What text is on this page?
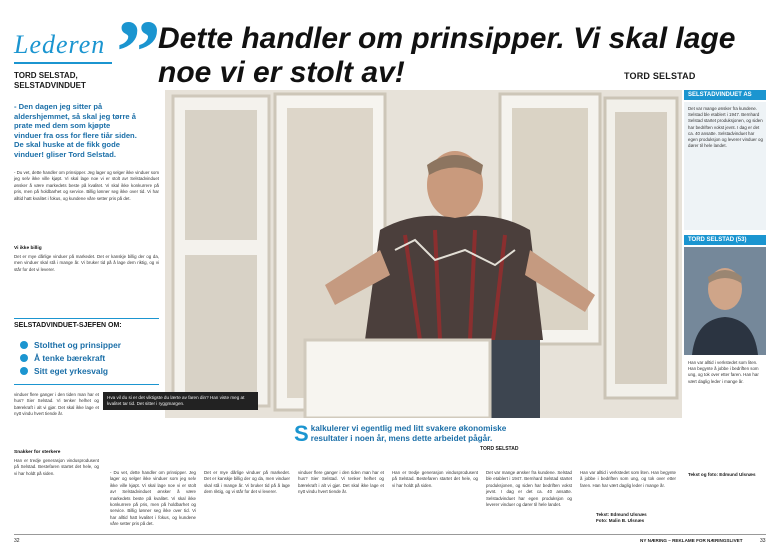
Lederen ”
Dette handler om prinsipper. Vi skal lage noe vi er stolt av!	TORD SELSTAD
TORD SELSTAD,
SELSTADVINDUET

- Den dagen jeg sitter på aldershjemmet, så skal jeg tørre å prate med dem som kjøpte vinduer fra oss for flere tiår siden. De skal huske at de fikk gode vinduer! gliser Tord Selstad.

- Du vet, dette handler om prinsipper. Jeg lager og selger ikke vinduer som jeg selv ikke ville kjøpt. Vi skal lage noe vi er stolt av! Selstadvinduet ønsker å være markedets beste på kvalitet. Vi skal ikke konkurrere på pris, men på holdbarhet og service. Billig lønner seg ikke over tid. Vi har alltid hatt kvalitet i fokus, og kundene våre setter pris på det.

Vi ikke billig

Det er mye dårlige vinduer på markedet. Det er kanskje billig der og da, men vinduer skal stå i mange år. Vi bruker tid på å lage dem riktig, og vi står for det vi leverer.

SELSTADVINDUET-SJEFEN OM:
Stolthet og prinsipper
Å tenke bærekraft
Sitt eget yrkesvalg

vinduer flere ganger i den tiden man har et hus? Sier Selstad. Vi tenker helhet og bærekraft i alt vi gjør. Det skal ikke lage et nytt vindu hvert tiende år.

Snakker for sterkere

Han er tredje generasjon vindusprodusent på Selstad. Bestefaren startet det hele, og vi har holdt på siden.

Hva vil du si er det viktigste du lærte av faren din? Han viste meg at kvalitet tar tid. Det sitter i ryggmargen.
Skalkulerer vi egentlig med litt svakere økonomiske resultater i noen år, mens dette arbeidet pågår.
TORD SELSTAD

- Du vet, dette handler om prinsipper. Jeg lager og selger ikke vinduer som jeg selv ikke ville kjøpt. Vi skal lage noe vi er stolt av! Selstadvinduet ønsker å være markedets beste på kvalitet. Vi skal ikke konkurrere på pris, men på holdbarhet og service. Billig lønner seg ikke over tid. Vi har alltid hatt kvalitet i fokus, og kundene våre setter pris på det.

Det er mye dårlige vinduer på markedet. Det er kanskje billig der og da, men vinduer skal stå i mange år. Vi bruker tid på å lage dem riktig, og vi står for det vi leverer.

vinduer flere ganger i den tiden man har et hus? Sier Selstad. Vi tenker helhet og bærekraft i alt vi gjør. Det skal ikke lage et nytt vindu hvert tiende år.

Han er tredje generasjon vindusprodusent på Selstad. Bestefaren startet det hele, og vi har holdt på siden.

Det var mange ønsker fra kundene. Selstad ble etablert i 1947. Bernhard Selstad startet produksjonen, og siden har bedriften vokst jevnt. I dag er det ca. 40 ansatte. Selstadvinduet har egen produksjon og leverer vinduer og dører til hele landet.

Han var alltid i verkstedet som liten. Han begynte å jobbe i bedriften som ung, og tok over etter faren. Han har vært daglig leder i mange år.

SELSTADVINDUET AS

Det var mange ønsker fra kundene. Selstad ble etablert i 1947. Bernhard Selstad startet produksjonen, og siden har bedriften vokst jevnt. I dag er det ca. 40 ansatte. Selstadvinduet har egen produksjon og leverer vinduer og dører til hele landet.

TORD SELSTAD (53)

Han var alltid i verkstedet som liten. Han begynte å jobbe i bedriften som ung, og tok over etter faren. Han har vært daglig leder i mange år.

Tekst og foto: Edmund Ulsnæs
Tekst: Edmund Ulsnæs
Foto: Malin B. Ulsnæs
32	NY NÆRING – REKLAME FOR NÆRINGSLIVET	33
